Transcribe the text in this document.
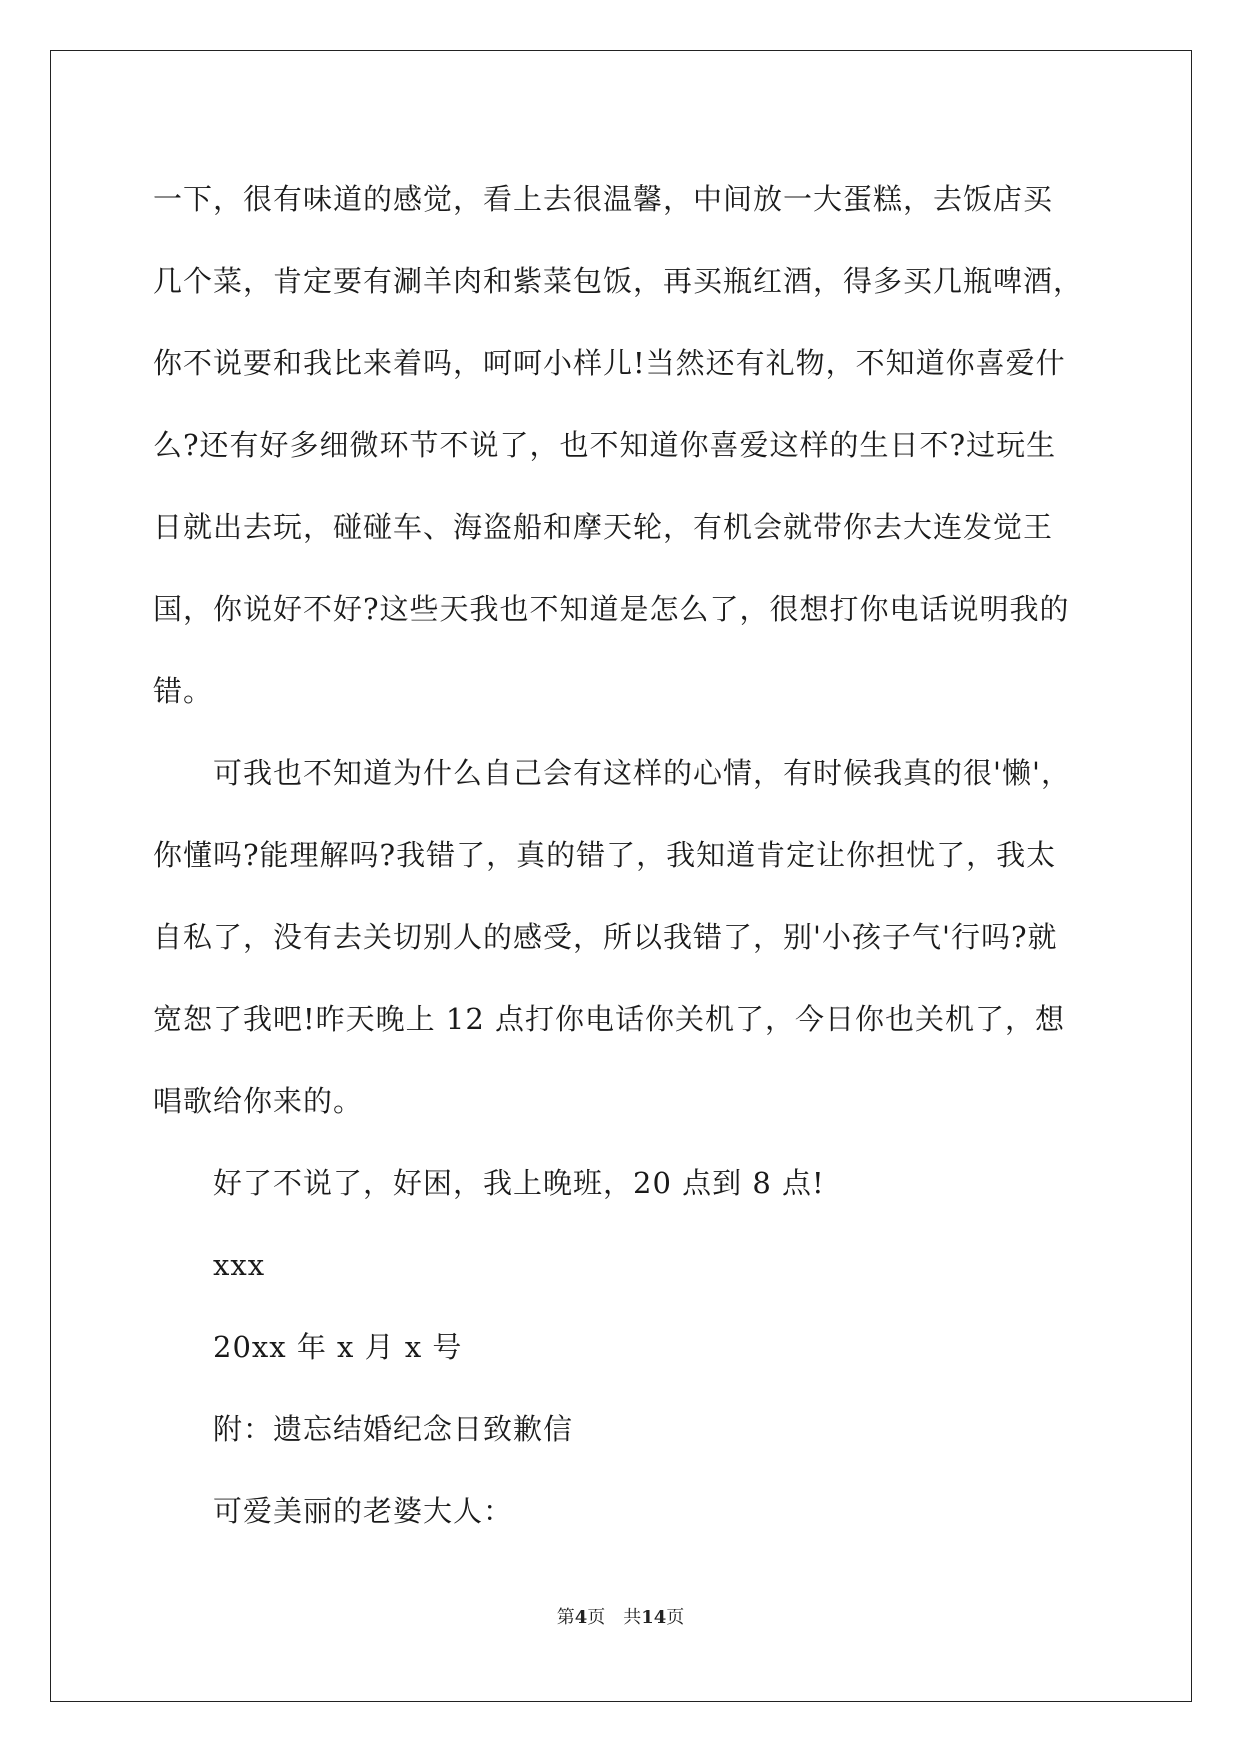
一下，很有味道的感觉，看上去很温馨，中间放一大蛋糕，去饭店买
几个菜，肯定要有涮羊肉和紫菜包饭，再买瓶红酒，得多买几瓶啤酒，
你不说要和我比来着吗，呵呵小样儿!当然还有礼物，不知道你喜爱什
么?还有好多细微环节不说了，也不知道你喜爱这样的生日不?过玩生
日就出去玩，碰碰车、海盗船和摩天轮，有机会就带你去大连发觉王
国，你说好不好?这些天我也不知道是怎么了，很想打你电话说明我的
错。
可我也不知道为什么自己会有这样的心情，有时候我真的很'懒'，
你懂吗?能理解吗?我错了，真的错了，我知道肯定让你担忧了，我太
自私了，没有去关切别人的感受，所以我错了，别'小孩子气'行吗?就
宽恕了我吧!昨天晚上 12 点打你电话你关机了，今日你也关机了，想
唱歌给你来的。
好了不说了，好困，我上晚班，20 点到 8 点!
xxx
20xx 年 x 月 x 号
附：遗忘结婚纪念日致歉信
可爱美丽的老婆大人：
第4页 共14页
